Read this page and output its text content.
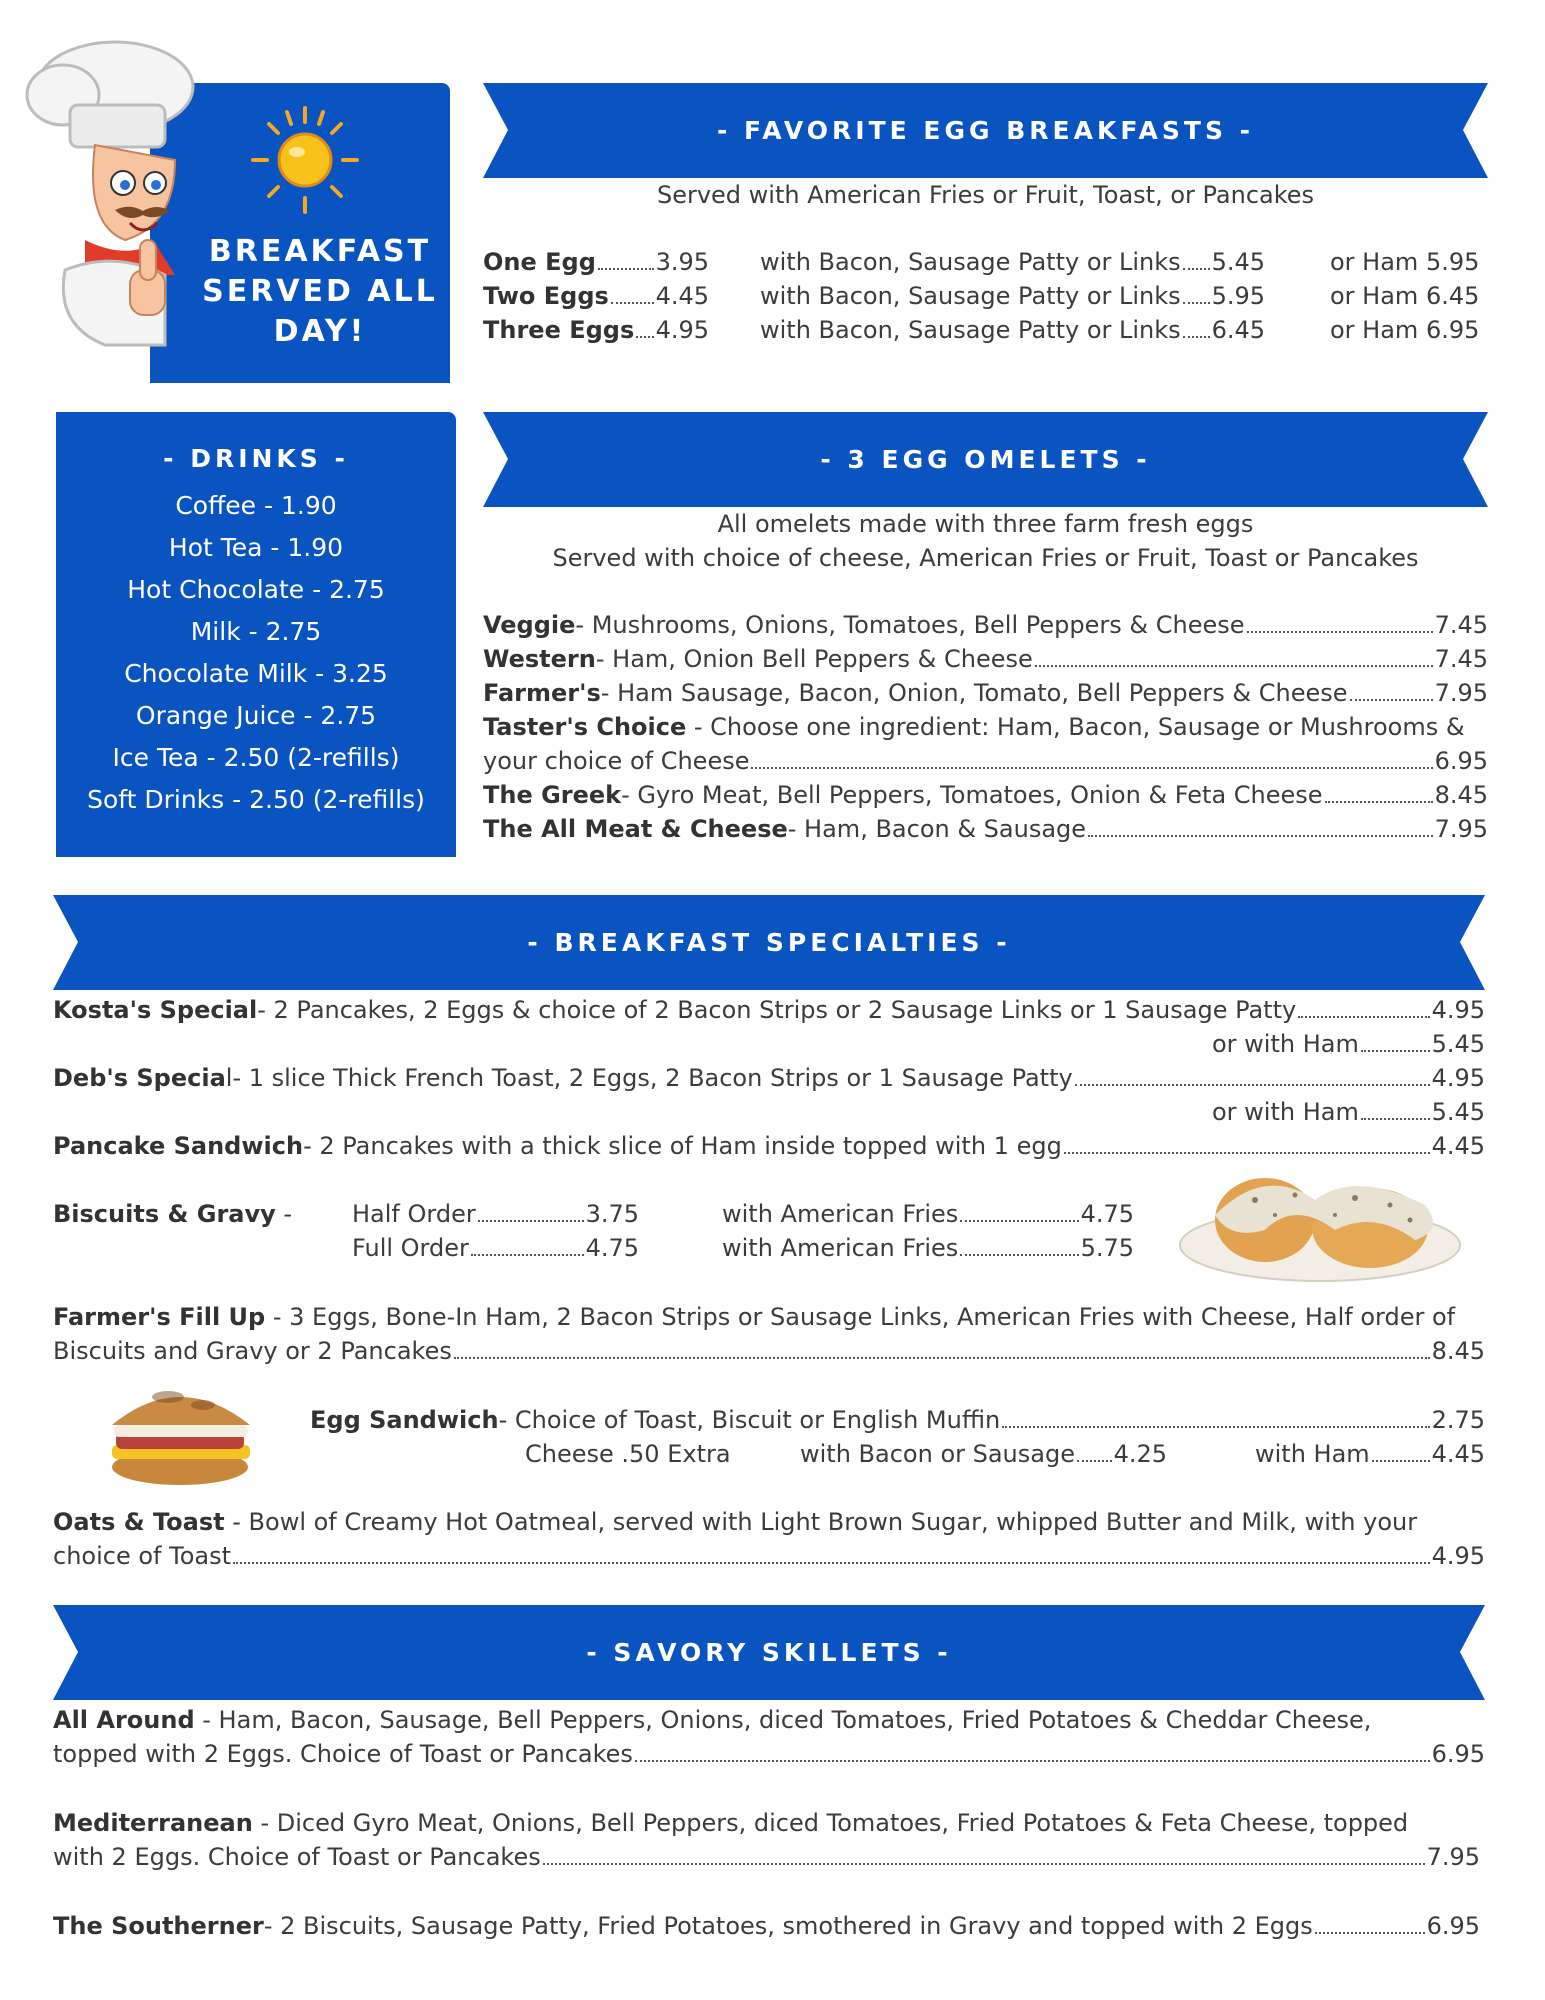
BREAKFAST
SERVED ALL
DAY!
- FAVORITE EGG BREAKFASTS -
Served with American Fries or Fruit, Toast, or Pancakes
One Egg 3.95 with Bacon, Sausage Patty or Links 5.45	or Ham 5.95
Two Eggs 4.45 with Bacon, Sausage Patty or Links 5.95	or Ham 6.45
Three Eggs 4.95 with Bacon, Sausage Patty or Links 6.45	or Ham 6.95
- DRINKS -
Coffee - 1.90
Hot Tea - 1.90
Hot Chocolate - 2.75
Milk - 2.75
Chocolate Milk - 3.25
Orange Juice - 2.75
Ice Tea - 2.50 (2-refills)
Soft Drinks - 2.50 (2-refills)
- 3 EGG OMELETS -
All omelets made with three farm fresh eggs
Served with choice of cheese, American Fries or Fruit, Toast or Pancakes
Veggie - Mushrooms, Onions, Tomatoes, Bell Peppers & Cheese	7.45
Western - Ham, Onion Bell Peppers & Cheese	7.45
Farmer's - Ham Sausage, Bacon, Onion, Tomato, Bell Peppers & Cheese	7.95
Taster's Choice - Choose one ingredient: Ham, Bacon, Sausage or Mushrooms &
your choice of Cheese	6.95
The Greek - Gyro Meat, Bell Peppers, Tomatoes, Onion & Feta Cheese	8.45
The All Meat & Cheese - Ham, Bacon & Sausage	7.95
- BREAKFAST SPECIALTIES -
Kosta's Special - 2 Pancakes, 2 Eggs & choice of 2 Bacon Strips or 2 Sausage Links or 1 Sausage Patty	4.95
or with Ham	5.45
Deb's Specia l - 1 slice Thick French Toast, 2 Eggs, 2 Bacon Strips or 1 Sausage Patty	4.95
or with Ham	5.45
Pancake Sandwich - 2 Pancakes with a thick slice of Ham inside topped with 1 egg	4.45
Biscuits & Gravy - Half Order	3.75	with American Fries	4.75
Full Order	4.75	with American Fries	5.75
Farmer's Fill Up - 3 Eggs, Bone-In Ham, 2 Bacon Strips or Sausage Links, American Fries with Cheese, Half order of
Biscuits and Gravy or 2 Pancakes	8.45
Egg Sandwich - Choice of Toast, Biscuit or English Muffin	2.75
Cheese .50 Extra	with Bacon or Sausage 4.25	with Ham	4.45
Oats & Toast - Bowl of Creamy Hot Oatmeal, served with Light Brown Sugar, whipped Butter and Milk, with your
choice of Toast	4.95
- SAVORY SKILLETS -
All Around - Ham, Bacon, Sausage, Bell Peppers, Onions, diced Tomatoes, Fried Potatoes & Cheddar Cheese,
topped with 2 Eggs. Choice of Toast or Pancakes	6.95
Mediterranean - Diced Gyro Meat, Onions, Bell Peppers, diced Tomatoes, Fried Potatoes & Feta Cheese, topped
with 2 Eggs. Choice of Toast or Pancakes	7.95
The Southerner - 2 Biscuits, Sausage Patty, Fried Potatoes, smothered in Gravy and topped with 2 Eggs	6.95
